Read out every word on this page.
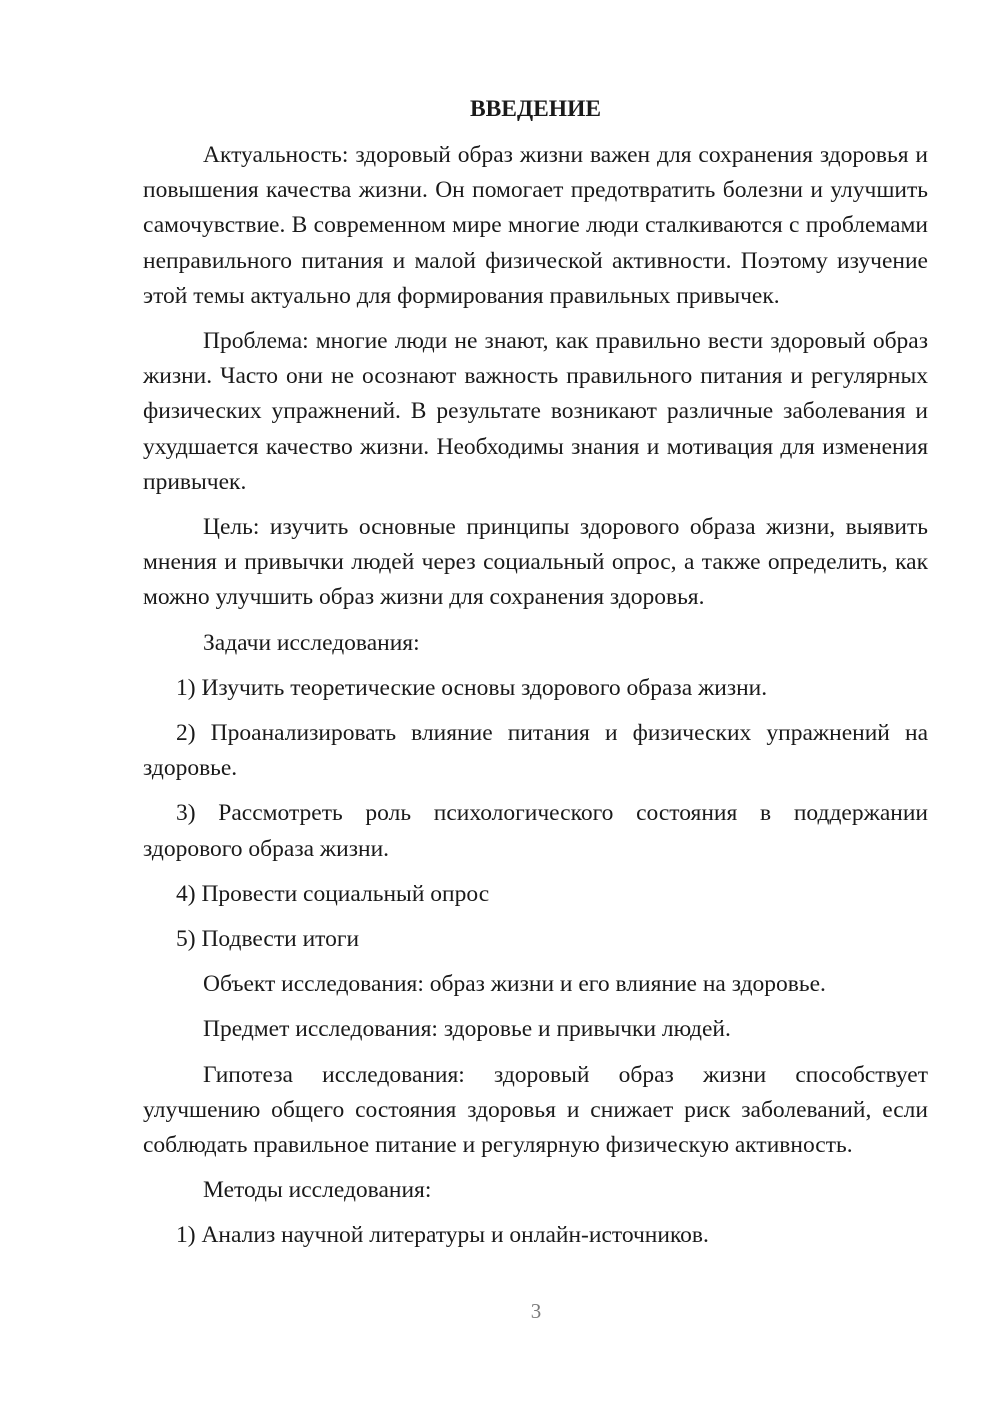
ВВЕДЕНИЕ

Актуальность: здоровый образ жизни важен для сохранения здоровья и повышения качества жизни. Он помогает предотвратить болезни и улучшить самочувствие. В современном мире многие люди сталкиваются с проблемами неправильного питания и малой физической активности. Поэтому изучение этой темы актуально для формирования правильных привычек.

Проблема: многие люди не знают, как правильно вести здоровый образ жизни. Часто они не осознают важность правильного питания и регулярных физических упражнений. В результате возникают различные заболевания и ухудшается качество жизни. Необходимы знания и мотивация для изменения привычек.

Цель: изучить основные принципы здорового образа жизни, выявить мнения и привычки людей через социальный опрос, а также определить, как можно улучшить образ жизни для сохранения здоровья.

Задачи исследования:

1) Изучить теоретические основы здорового образа жизни.

2) Проанализировать влияние питания и физических упражнений на здоровье.

3) Рассмотреть роль психологического состояния в поддержании здорового образа жизни.

4) Провести социальный опрос

5) Подвести итоги

Объект исследования: образ жизни и его влияние на здоровье.

Предмет исследования: здоровье и привычки людей.

Гипотеза исследования: здоровый образ жизни способствует улучшению общего состояния здоровья и снижает риск заболеваний, если соблюдать правильное питание и регулярную физическую активность.

Методы исследования:

1) Анализ научной литературы и онлайн-источников.

3
